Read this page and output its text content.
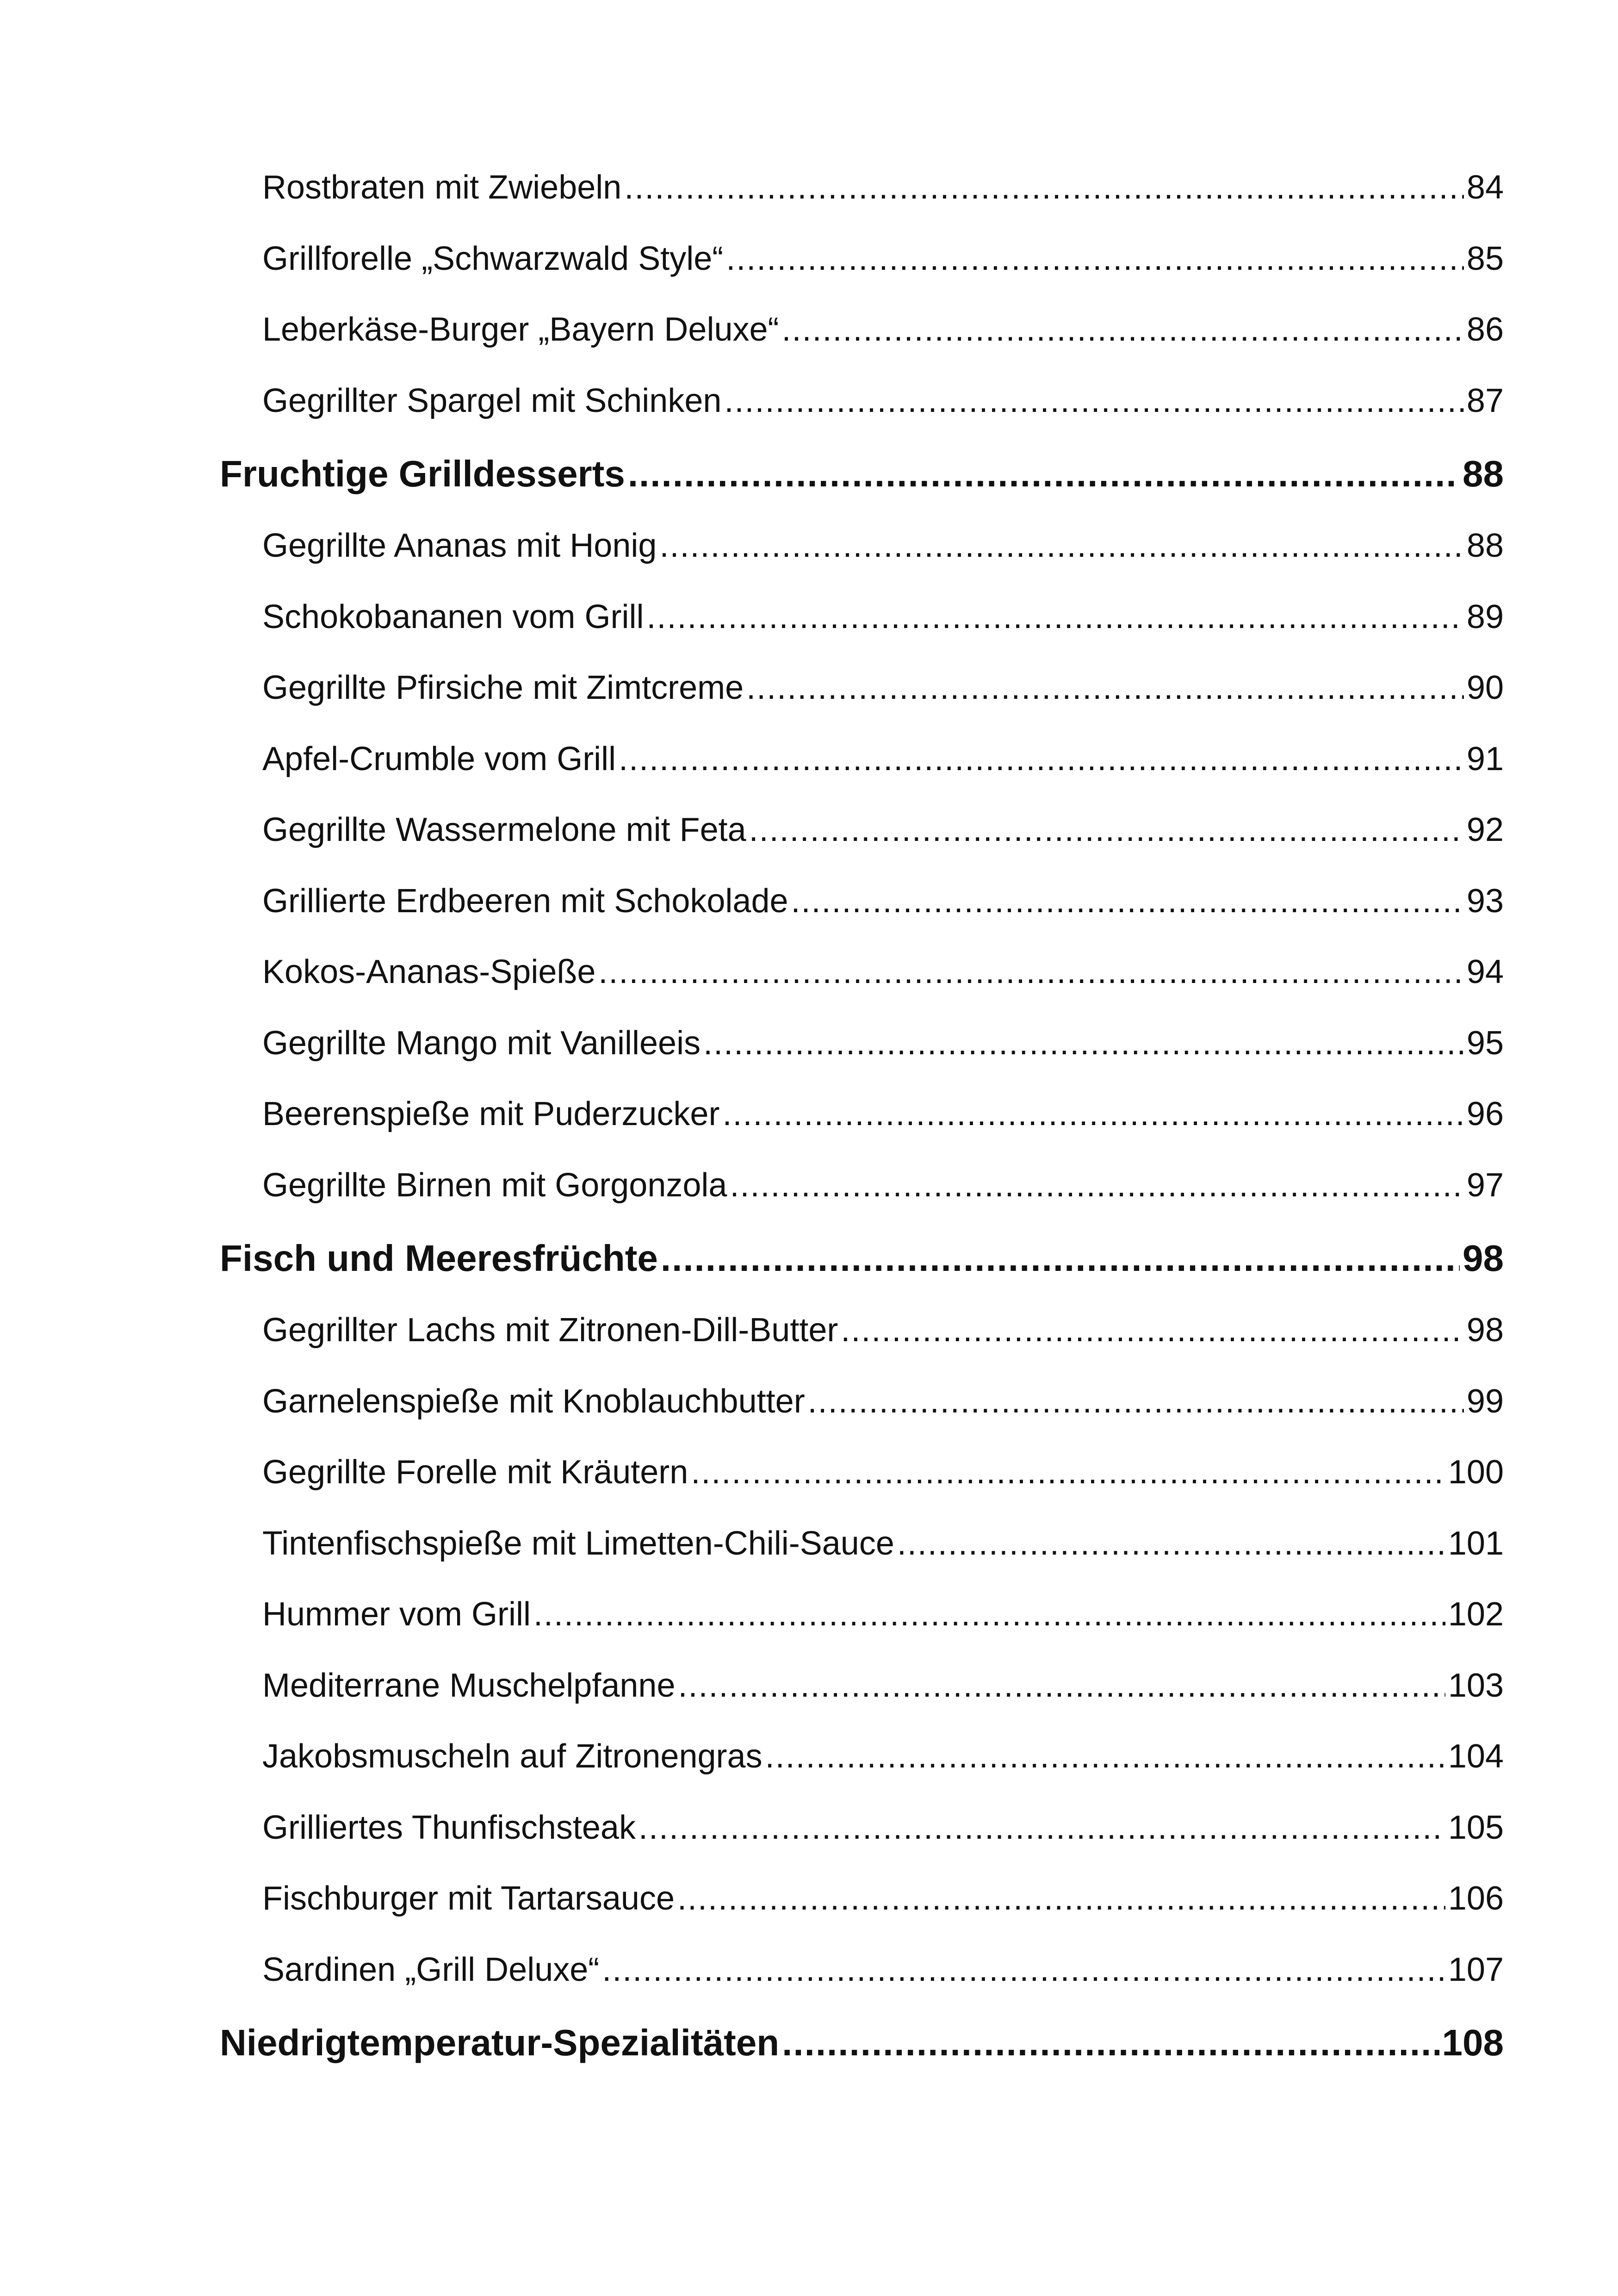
Rostbraten mit Zwiebeln .....	84
Grillforelle „Schwarzwald Style“ .....	85
Leberkäse-Burger „Bayern Deluxe“ .....	86
Gegrillter Spargel mit Schinken .....	87
Fruchtige Grilldesserts .....	88
Gegrillte Ananas mit Honig .....	88
Schokobananen vom Grill .....	89
Gegrillte Pfirsiche mit Zimtcreme .....	90
Apfel-Crumble vom Grill .....	91
Gegrillte Wassermelone mit Feta .....	92
Grillierte Erdbeeren mit Schokolade .....	93
Kokos-Ananas-Spieße .....	94
Gegrillte Mango mit Vanilleeis .....	95
Beerenspieße mit Puderzucker .....	96
Gegrillte Birnen mit Gorgonzola .....	97
Fisch und Meeresfrüchte .....	98
Gegrillter Lachs mit Zitronen-Dill-Butter .....	98
Garnelenspieße mit Knoblauchbutter .....	99
Gegrillte Forelle mit Kräutern .....	100
Tintenfischspieße mit Limetten-Chili-Sauce .....	101
Hummer vom Grill .....	102
Mediterrane Muschelpfanne .....	103
Jakobsmuscheln auf Zitronengras .....	104
Grilliertes Thunfischsteak .....	105
Fischburger mit Tartarsauce .....	106
Sardinen „Grill Deluxe“ .....	107
Niedrigtemperatur-Spezialitäten .....	108
